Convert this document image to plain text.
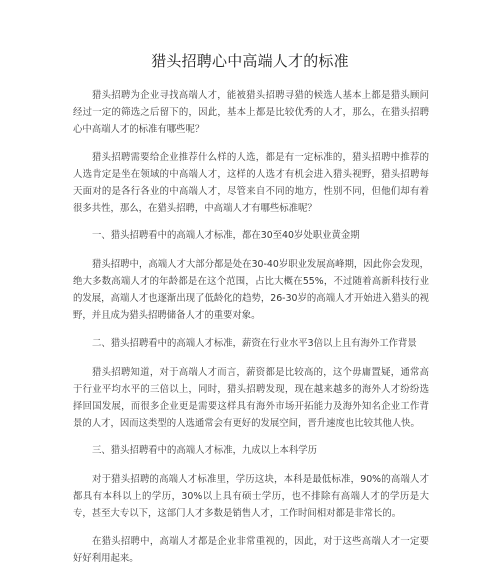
猎头招聘心中高端人才的标准

猎头招聘为企业寻找高端人才，能被猎头招聘寻猎的候选人基本上都是猎头顾问经过一定的筛选之后留下的，因此，基本上都是比较优秀的人才，那么，在猎头招聘心中高端人才的标准有哪些呢？

猎头招聘需要给企业推荐什么样的人选，都是有一定标准的，猎头招聘中推荐的人选肯定是坐在领域的中高端人才，这样的人选才有机会进入猎头视野，猎头招聘每天面对的是各行各业的中高端人才，尽管来自不同的地方，性别不同，但他们却有着很多共性，那么，在猎头招聘，中高端人才有哪些标准呢？

一、猎头招聘看中的高端人才标准，都在30至40岁处职业黄金期

猎头招聘中，高端人才大部分都是处在30-40岁职业发展高峰期，因此你会发现，绝大多数高端人才的年龄都是在这个范围，占比大概在55%，不过随着高新科技行业的发展，高端人才也逐渐出现了低龄化的趋势，26-30岁的高端人才开始进入猎头的视野，并且成为猎头招聘储备人才的重要对象。

二、猎头招聘看中的高端人才标准，薪资在行业水平3倍以上且有海外工作背景

猎头招聘知道，对于高端人才而言，薪资都是比较高的，这个毋庸置疑，通常高于行业平均水平的三倍以上，同时，猎头招聘发现，现在越来越多的海外人才纷纷选择回国发展，而很多企业更是需要这样具有海外市场开拓能力及海外知名企业工作背景的人才，因而这类型的人选通常会有更好的发展空间，晋升速度也比较其他人快。

三、猎头招聘看中的高端人才标准，九成以上本科学历

对于猎头招聘的高端人才标准里，学历这块，本科是最低标准，90%的高端人才都具有本科以上的学历，30%以上具有硕士学历，也不排除有高端人才的学历是大专，甚至大专以下，这部门人才多数是销售人才，工作时间相对都是非常长的。

在猎头招聘中，高端人才都是企业非常重视的，因此，对于这些高端人才一定要好好利用起来。
